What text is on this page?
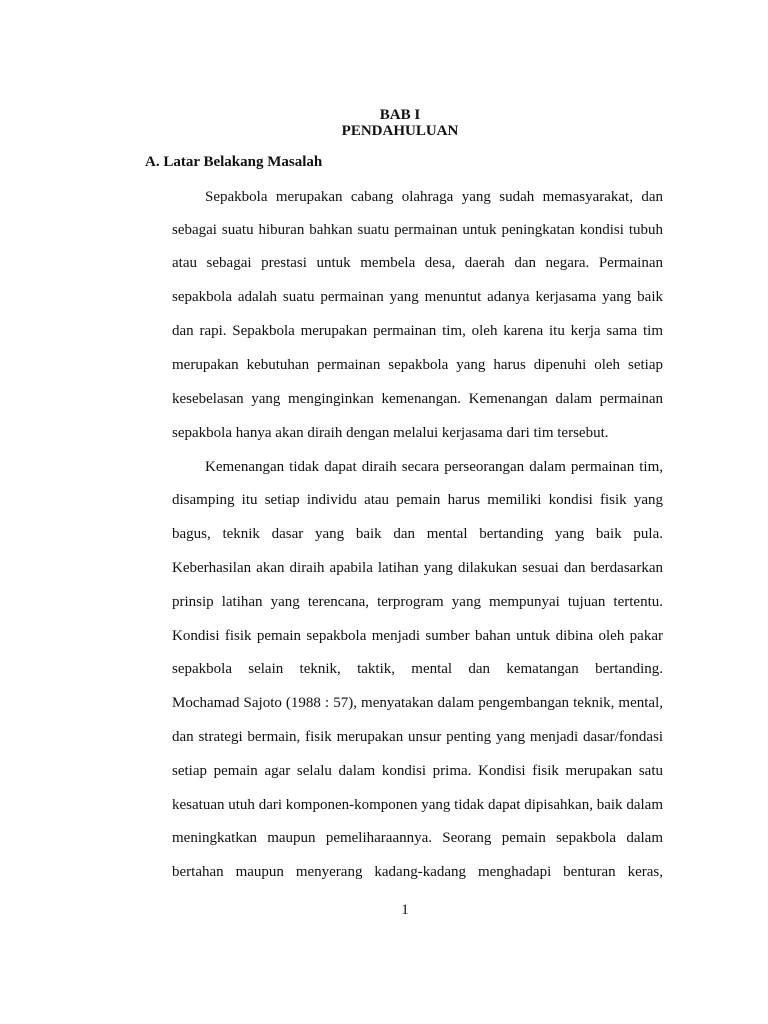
BAB I
PENDAHULUAN
A. Latar Belakang Masalah
Sepakbola merupakan cabang olahraga yang sudah memasyarakat, dan
sebagai suatu hiburan bahkan suatu permainan untuk peningkatan kondisi tubuh
atau sebagai prestasi untuk membela desa, daerah dan negara. Permainan
sepakbola adalah suatu permainan yang menuntut adanya kerjasama yang baik
dan rapi. Sepakbola merupakan permainan tim, oleh karena itu kerja sama tim
merupakan kebutuhan permainan sepakbola yang harus dipenuhi oleh setiap
kesebelasan yang menginginkan kemenangan. Kemenangan dalam permainan
sepakbola hanya akan diraih dengan melalui kerjasama dari tim tersebut.
Kemenangan tidak dapat diraih secara perseorangan dalam permainan tim,
disamping itu setiap individu atau pemain harus memiliki kondisi fisik yang
bagus, teknik dasar yang baik dan mental bertanding yang baik pula.
Keberhasilan akan diraih apabila latihan yang dilakukan sesuai dan berdasarkan
prinsip latihan yang terencana, terprogram yang mempunyai tujuan tertentu.
Kondisi fisik pemain sepakbola menjadi sumber bahan untuk dibina oleh pakar
sepakbola selain teknik, taktik, mental dan kematangan bertanding.
Mochamad Sajoto (1988 : 57), menyatakan dalam pengembangan teknik, mental,
dan strategi bermain, fisik merupakan unsur penting yang menjadi dasar/fondasi
setiap pemain agar selalu dalam kondisi prima. Kondisi fisik merupakan satu
kesatuan utuh dari komponen-komponen yang tidak dapat dipisahkan, baik dalam
meningkatkan maupun pemeliharaannya. Seorang pemain sepakbola dalam
bertahan maupun menyerang kadang-kadang menghadapi benturan keras,
1
